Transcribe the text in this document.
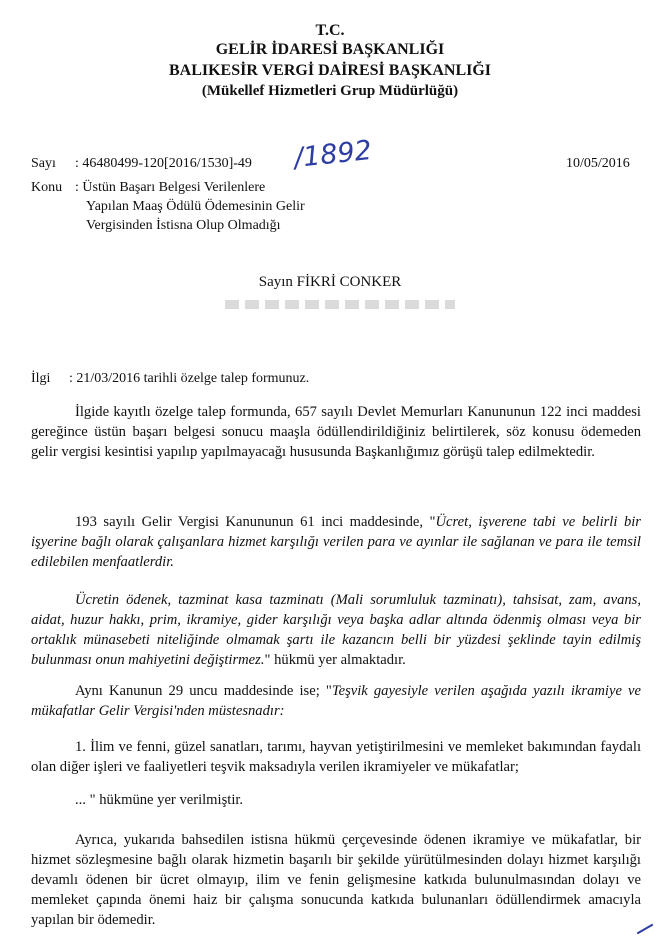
T.C.
GELİR İDARESİ BAŞKANLIĞI
BALIKESİR VERGİ DAİRESİ BAŞKANLIĞI
(Mükellef Hizmetleri Grup Müdürlüğü)
Sayı : 46480499-120[2016/1530]-49 /1892	10/05/2016
Konu : Üstün Başarı Belgesi Verilenlere
Yapılan Maaş Ödülü Ödemesinin Gelir
Vergisinden İstisna Olup Olmadığı
Sayın FİKRİ CONKER
İlgi : 21/03/2016 tarihli özelge talep formunuz.

İlgide kayıtlı özelge talep formunda, 657 sayılı Devlet Memurları Kanununun 122 inci maddesi gereğince üstün başarı belgesi sonucu maaşla ödüllendirildiğiniz belirtilerek, söz konusu ödemeden gelir vergisi kesintisi yapılıp yapılmayacağı hususunda Başkanlığımız görüşü talep edilmektedir.

193 sayılı Gelir Vergisi Kanununun 61 inci maddesinde, "Ücret, işverene tabi ve belirli bir işyerine bağlı olarak çalışanlara hizmet karşılığı verilen para ve ayınlar ile sağlanan ve para ile temsil edilebilen menfaatlerdir.

Ücretin ödenek, tazminat kasa tazminatı (Mali sorumluluk tazminatı), tahsisat, zam, avans, aidat, huzur hakkı, prim, ikramiye, gider karşılığı veya başka adlar altında ödenmiş olması veya bir ortaklık münasebeti niteliğinde olmamak şartı ile kazancın belli bir yüzdesi şeklinde tayin edilmiş bulunması onun mahiyetini değiştirmez." hükmü yer almaktadır.

Aynı Kanunun 29 uncu maddesinde ise; "Teşvik gayesiyle verilen aşağıda yazılı ikramiye ve mükafatlar Gelir Vergisi'nden müstesnadır:

1. İlim ve fenni, güzel sanatları, tarımı, hayvan yetiştirilmesini ve memleket bakımından faydalı olan diğer işleri ve faaliyetleri teşvik maksadıyla verilen ikramiyeler ve mükafatlar;

... " hükmüne yer verilmiştir.

Ayrıca, yukarıda bahsedilen istisna hükmü çerçevesinde ödenen ikramiye ve mükafatlar, bir hizmet sözleşmesine bağlı olarak hizmetin başarılı bir şekilde yürütülmesinden dolayı hizmet karşılığı devamlı ödenen bir ücret olmayıp, ilim ve fenin gelişmesine katkıda bulunulmasından dolayı ve memleket çapında önemi haiz bir çalışma sonucunda katkıda bulunanları ödüllendirmek amacıyla yapılan bir ödemedir.
